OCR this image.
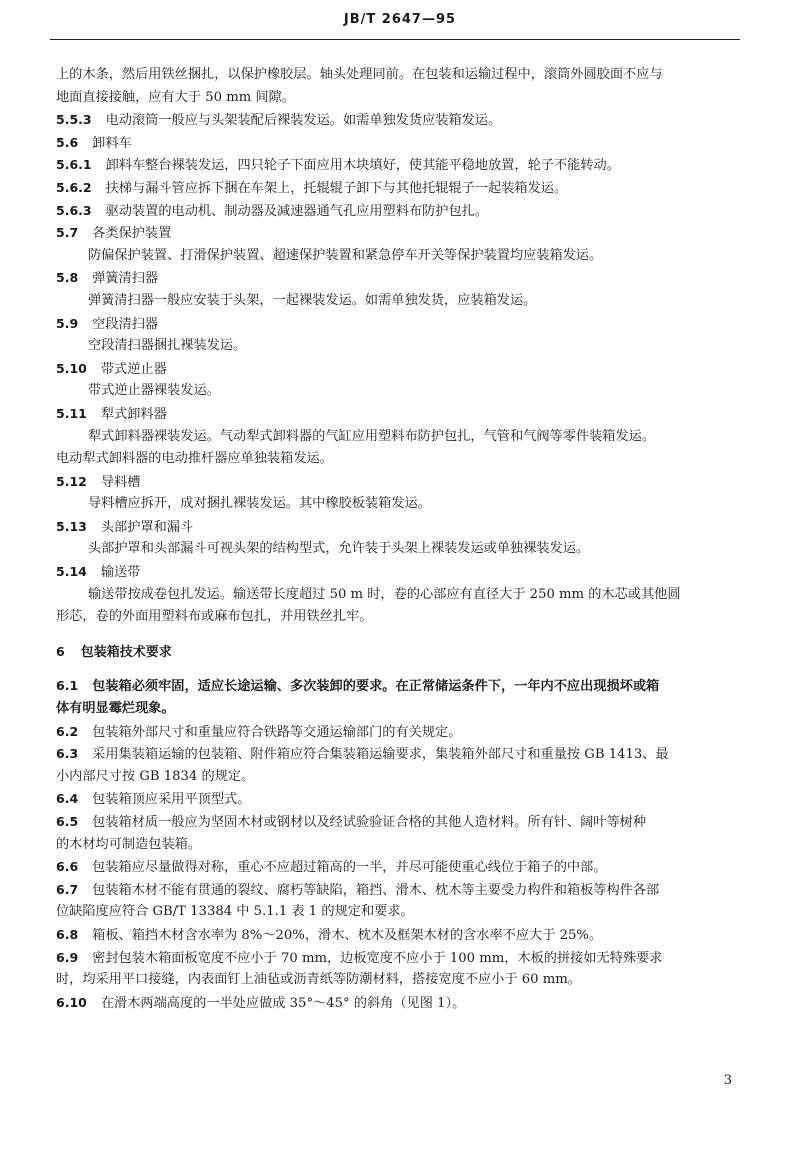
JB/T 2647—95
上的木条，然后用铁丝捆扎，以保护橡胶层。轴头处理同前。在包装和运输过程中，滚筒外圆胶面不应与
地面直接接触，应有大于 50 mm 间隙。
5.5.3 电动滚筒一般应与头架装配后裸装发运。如需单独发货应装箱发运。
5.6 卸料车
5.6.1 卸料车整台裸装发运，四只轮子下面应用木块填好，使其能平稳地放置，轮子不能转动。
5.6.2 扶梯与漏斗管应拆下捆在车架上，托辊辊子卸下与其他托辊辊子一起装箱发运。
5.6.3 驱动装置的电动机、制动器及减速器通气孔应用塑料布防护包扎。
5.7 各类保护装置
防偏保护装置、打滑保护装置、超速保护装置和紧急停车开关等保护装置均应装箱发运。
5.8 弹簧清扫器
弹簧清扫器一般应安装于头架，一起裸装发运。如需单独发货，应装箱发运。
5.9 空段清扫器
空段清扫器捆扎裸装发运。
5.10 带式逆止器
带式逆止器裸装发运。
5.11 犁式卸料器
犁式卸料器裸装发运。气动犁式卸料器的气缸应用塑料布防护包扎，气管和气阀等零件装箱发运。
电动犁式卸料器的电动推杆器应单独装箱发运。
5.12 导料槽
导料槽应拆开，成对捆扎裸装发运。其中橡胶板装箱发运。
5.13 头部护罩和漏斗
头部护罩和头部漏斗可视头架的结构型式，允许装于头架上裸装发运或单独裸装发运。
5.14 输送带
输送带按成卷包扎发运。输送带长度超过 50 m 时，卷的心部应有直径大于 250 mm 的木芯或其他圆
形芯，卷的外面用塑料布或麻布包扎，并用铁丝扎牢。
6 包装箱技术要求
6.1 包装箱必须牢固，适应长途运输、多次装卸的要求。在正常储运条件下，一年内不应出现损坏或箱
体有明显霉烂现象。
6.2 包装箱外部尺寸和重量应符合铁路等交通运输部门的有关规定。
6.3 采用集装箱运输的包装箱、附件箱应符合集装箱运输要求，集装箱外部尺寸和重量按 GB 1413、最
小内部尺寸按 GB 1834 的规定。
6.4 包装箱顶应采用平顶型式。
6.5 包装箱材质一般应为坚固木材或钢材以及经试验验证合格的其他人造材料。所有针、阔叶等树种
的木材均可制造包装箱。
6.6 包装箱应尽量做得对称，重心不应超过箱高的一半，并尽可能使重心线位于箱子的中部。
6.7 包装箱木材不能有贯通的裂纹、腐朽等缺陷，箱挡、滑木、枕木等主要受力构件和箱板等构件各部
位缺陷度应符合 GB/T 13384 中 5.1.1 表 1 的规定和要求。
6.8 箱板、箱挡木材含水率为 8%～20%，滑木、枕木及框架木材的含水率不应大于 25%。
6.9 密封包装木箱面板宽度不应小于 70 mm，边板宽度不应小于 100 mm，木板的拼接如无特殊要求
时，均采用平口接缝，内表面钉上油毡或沥青纸等防潮材料，搭接宽度不应小于 60 mm。
6.10 在滑木两端高度的一半处应做成 35°～45° 的斜角（见图 1）。
3
